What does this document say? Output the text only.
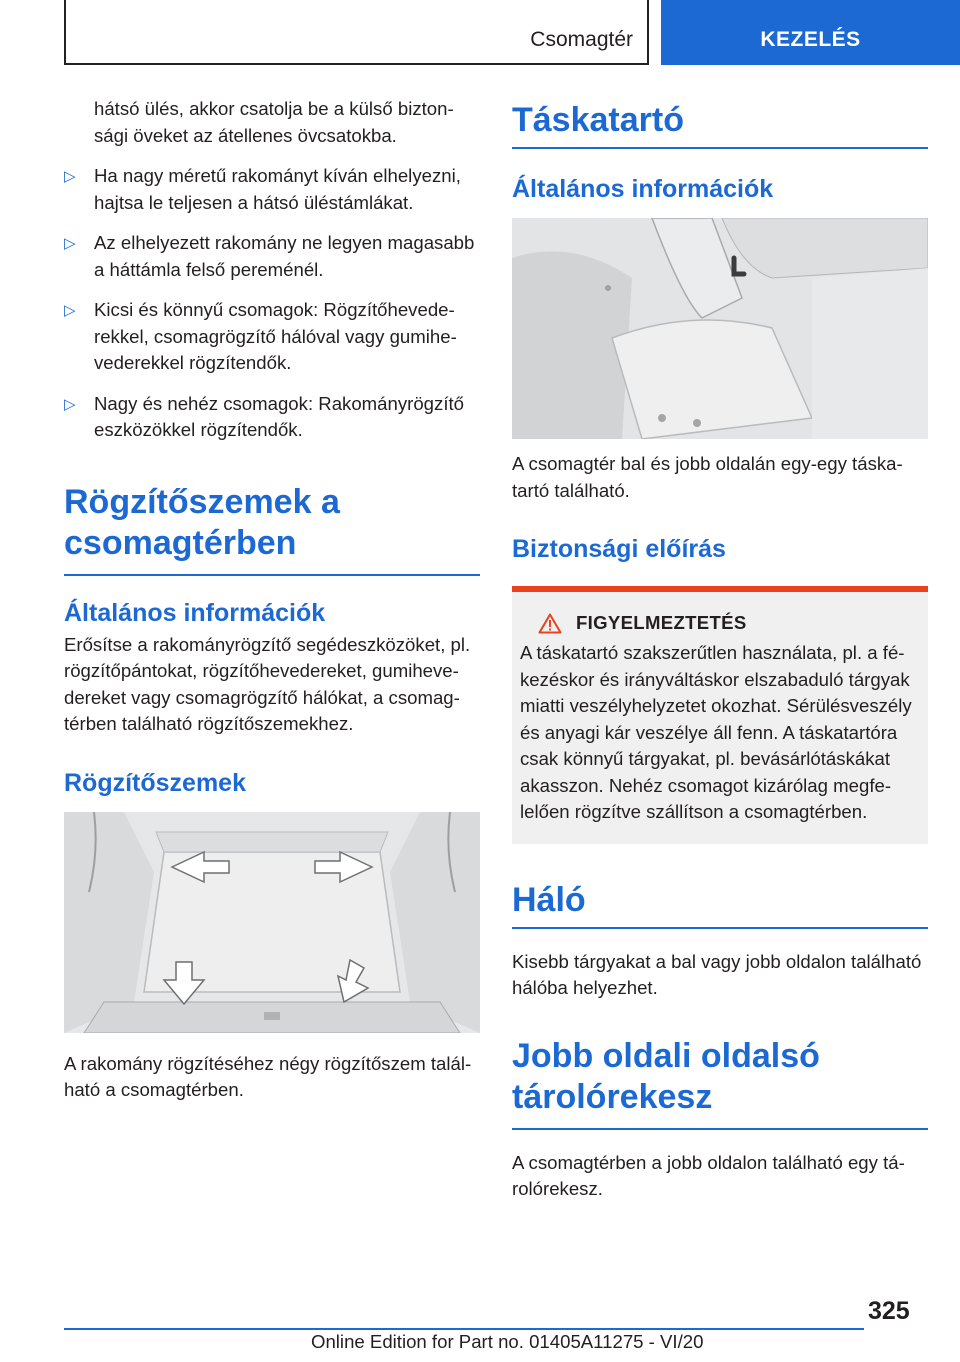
Csomagtér	KEZELÉS

hátsó ülés, akkor csatolja be a külső biztonsági öveket az átellenes övcsatokba.

▷ Ha nagy méretű rakományt kíván elhelyezni, hajtsa le teljesen a hátsó üléstámlákat.
▷ Az elhelyezett rakomány ne legyen magasabb a háttámla felső pereménél.
▷ Kicsi és könnyű csomagok: Rögzítőhevederekkel, csomagrögzítő hálóval vagy gumihevederekkel rögzítendők.
▷ Nagy és nehéz csomagok: Rakományrögzítő eszközökkel rögzítendők.
Rögzítőszemek a csomagtérben
Általános információk

Erősítse a rakományrögzítő segédeszközöket, pl. rögzítőpántokat, rögzítőhevedereket, gumihevedereket vagy csomagrögzítő hálókat, a csomagtérben található rögzítőszemekhez.

Rögzítőszemek

A rakomány rögzítéséhez négy rögzítőszem található a csomagtérben.

Táskatartó
Általános információk

A csomagtér bal és jobb oldalán egy-egy táskatartó található.

Biztonsági előírás
FIGYELMEZTETÉS

A táskatartó szakszerűtlen használata, pl. a fékezéskor és irányváltáskor elszabaduló tárgyak miatti veszélyhelyzetet okozhat. Sérülésveszély és anyagi kár veszélye áll fenn. A táskatartóra csak könnyű tárgyakat, pl. bevásárlótáskákat akasszon. Nehéz csomagot kizárólag megfelelően rögzítve szállítson a csomagtérben.

Háló

Kisebb tárgyakat a bal vagy jobb oldalon található hálóba helyezhet.

Jobb oldali oldalsó tárolórekesz

A csomagtérben a jobb oldalon található egy tárolórekesz.

325
Online Edition for Part no. 01405A11275 - VI/20
